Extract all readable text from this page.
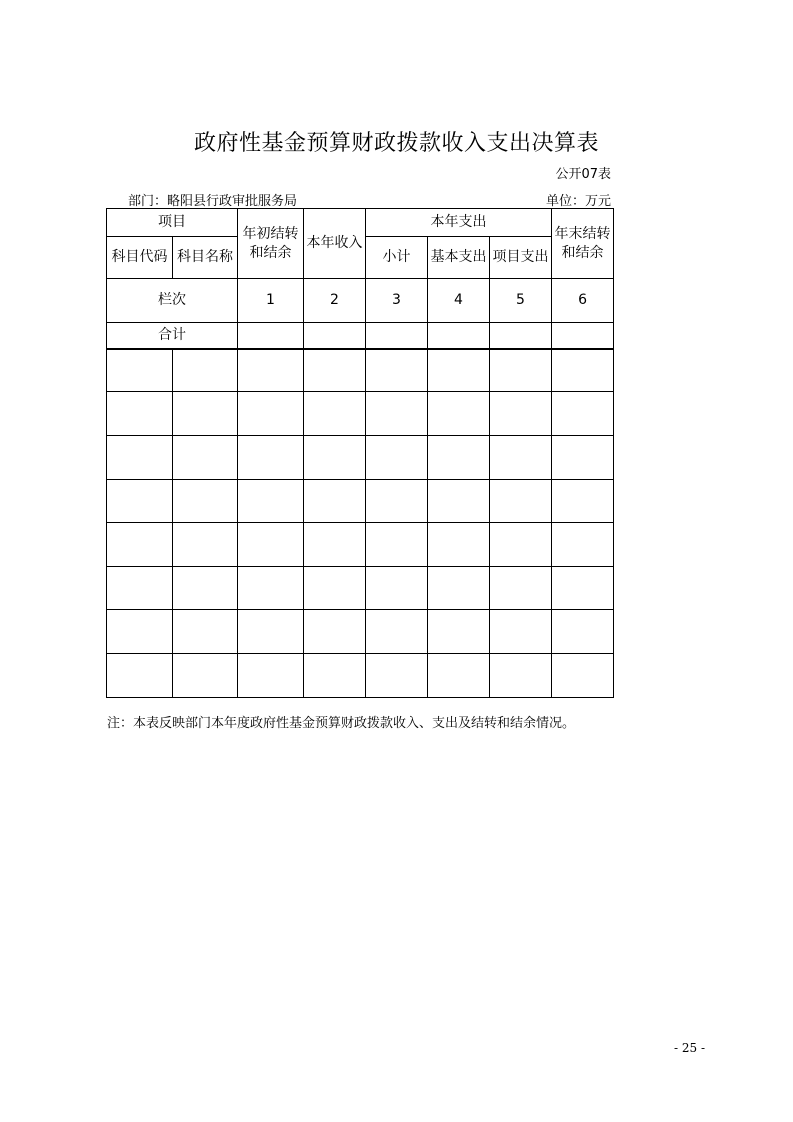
政府性基金预算财政拨款收入支出决算表
公开07表
部门：略阳县行政审批服务局	单位：万元
项目		年初结转和结余	本年收入	本年支出			年末结转和结余
科目代码	科目名称			小计	基本支出	项目支出	
栏次		1	2	3	4	5	6
合计							

注：本表反映部门本年度政府性基金预算财政拨款收入、支出及结转和结余情况。
- 25 -
